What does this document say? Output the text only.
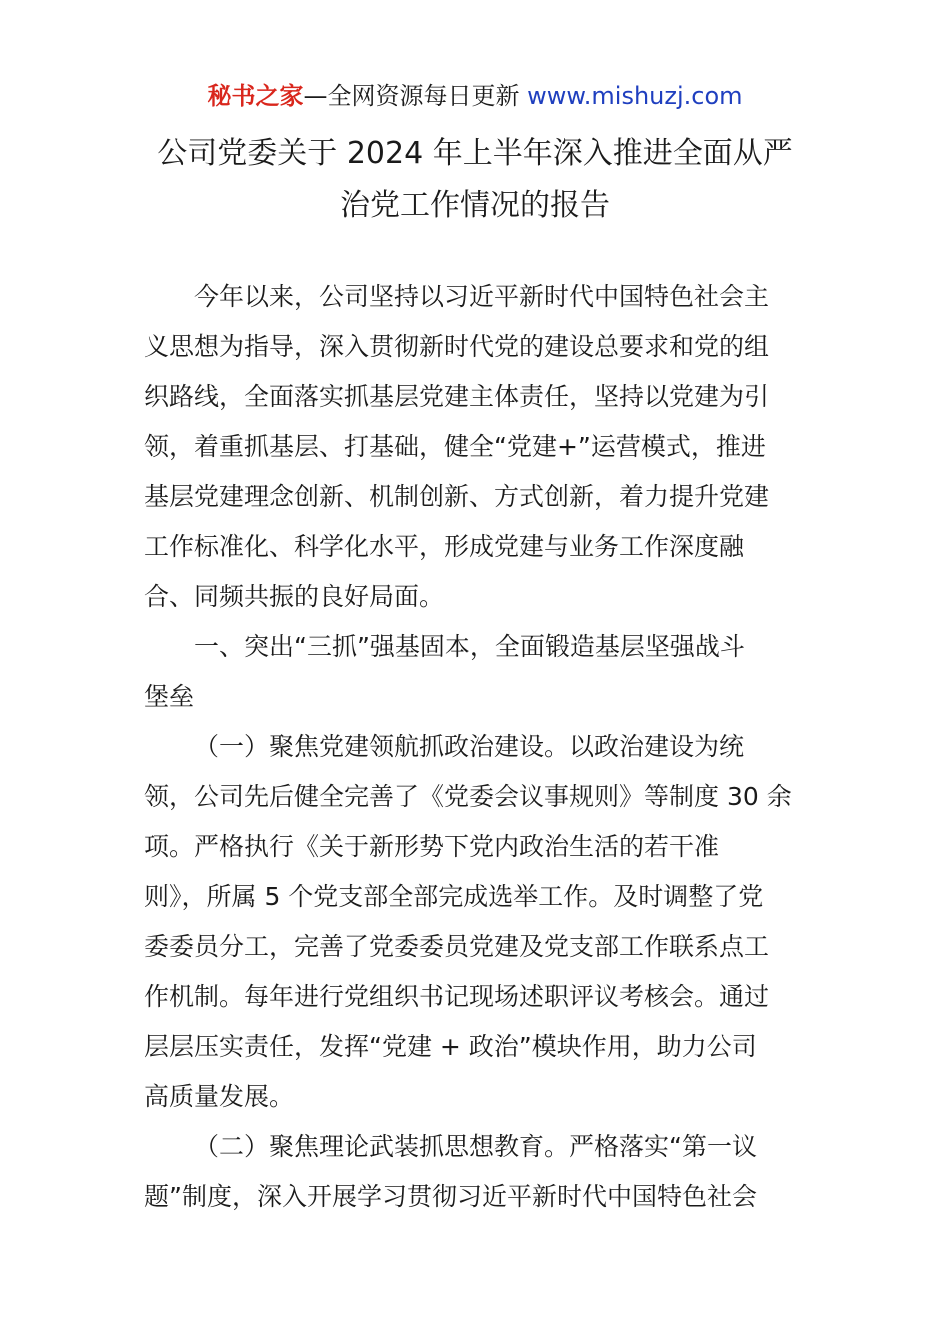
秘书之家—全网资源每日更新 www.mishuzj.com
公司党委关于 2024 年上半年深入推进全面从严
治党工作情况的报告
今年以来，公司坚持以习近平新时代中国特色社会主
义思想为指导，深入贯彻新时代党的建设总要求和党的组
织路线，全面落实抓基层党建主体责任，坚持以党建为引
领，着重抓基层、打基础，健全“党建+”运营模式，推进
基层党建理念创新、机制创新、方式创新，着力提升党建
工作标准化、科学化水平，形成党建与业务工作深度融
合、同频共振的良好局面。
一、突出“三抓”强基固本，全面锻造基层坚强战斗
堡垒
（一）聚焦党建领航抓政治建设。以政治建设为统
领，公司先后健全完善了《党委会议事规则》等制度 30 余
项。严格执行《关于新形势下党内政治生活的若干准
则》，所属 5 个党支部全部完成选举工作。及时调整了党
委委员分工，完善了党委委员党建及党支部工作联系点工
作机制。每年进行党组织书记现场述职评议考核会。通过
层层压实责任，发挥“党建 + 政治”模块作用，助力公司
高质量发展。
（二）聚焦理论武装抓思想教育。严格落实“第一议
题”制度，深入开展学习贯彻习近平新时代中国特色社会
